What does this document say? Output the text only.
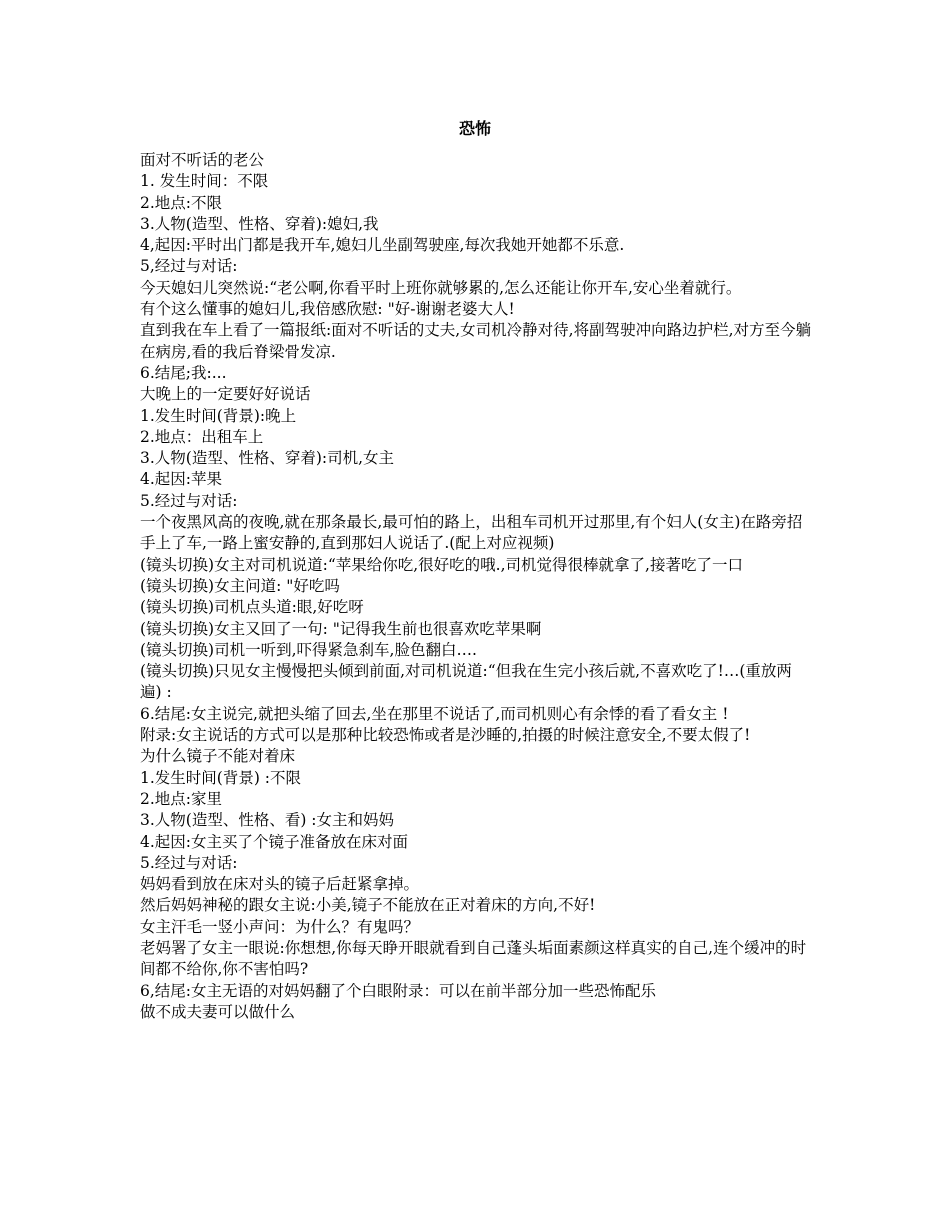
恐怖

面对不听话的老公

1. 发生时间：不限

2.地点:不限

3.人物(造型、性格、穿着):媳妇,我

4,起因:平时出门都是我开车,媳妇儿坐副驾驶座,每次我她开她都不乐意.

5,经过与对话:

今天媳妇儿突然说:“老公啊,你看平时上班你就够累的,怎么还能让你开车,安心坐着就行。

有个这么懂事的媳妇儿,我倍感欣慰: "好-谢谢老婆大人!

直到我在车上看了一篇报纸:面对不听话的丈夫,女司机冷静对待,将副驾驶冲向路边护栏,对方至今躺在病房,看的我后脊梁骨发凉.

6.结尾;我:...

大晚上的一定要好好说话

1.发生时间(背景):晚上

2.地点：出租车上

3.人物(造型、性格、穿着):司机,女主

4.起因:苹果

5.经过与对话:

一个夜黑风高的夜晚,就在那条最长,最可怕的路上，出租车司机开过那里,有个妇人(女主)在路旁招手上了车,一路上蜜安静的,直到那妇人说话了.(配上对应视频)

(镜头切换)女主对司机说道:“苹果给你吃,很好吃的哦.,司机觉得很棒就拿了,接著吃了一口

(镜头切换)女主问道: "好吃吗

(镜头切换)司机点头道:眼,好吃呀

(镜头切换)女主又回了一句: "记得我生前也很喜欢吃苹果啊

(镜头切换)司机一听到,吓得紧急刹车,脸色翻白….

(镜头切换)只见女主慢慢把头倾到前面,对司机说道:“但我在生完小孩后就,不喜欢吃了!…(重放两遍) :

6.结尾:女主说完,就把头缩了回去,坐在那里不说话了,而司机则心有余悸的看了看女主 !

附录:女主说话的方式可以是那种比较恐怖或者是沙睡的,拍摄的时候注意安全,不要太假了!

为什么镜子不能对着床

1.发生时间(背景) :不限

2.地点:家里

3.人物(造型、性格、看) :女主和妈妈

4.起因:女主买了个镜子准备放在床对面

5.经过与对话:

妈妈看到放在床对头的镜子后赶紧拿掉。

然后妈妈神秘的跟女主说:小美,镜子不能放在正对着床的方向,不好!

女主汗毛一竖小声问：为什么？有鬼吗？

老妈署了女主一眼说:你想想,你每天睁开眼就看到自己蓬头垢面素颜这样真实的自己,连个缓冲的时间都不给你,你不害怕吗?

6,结尾:女主无语的对妈妈翻了个白眼附录：可以在前半部分加一些恐怖配乐

做不成夫妻可以做什么
